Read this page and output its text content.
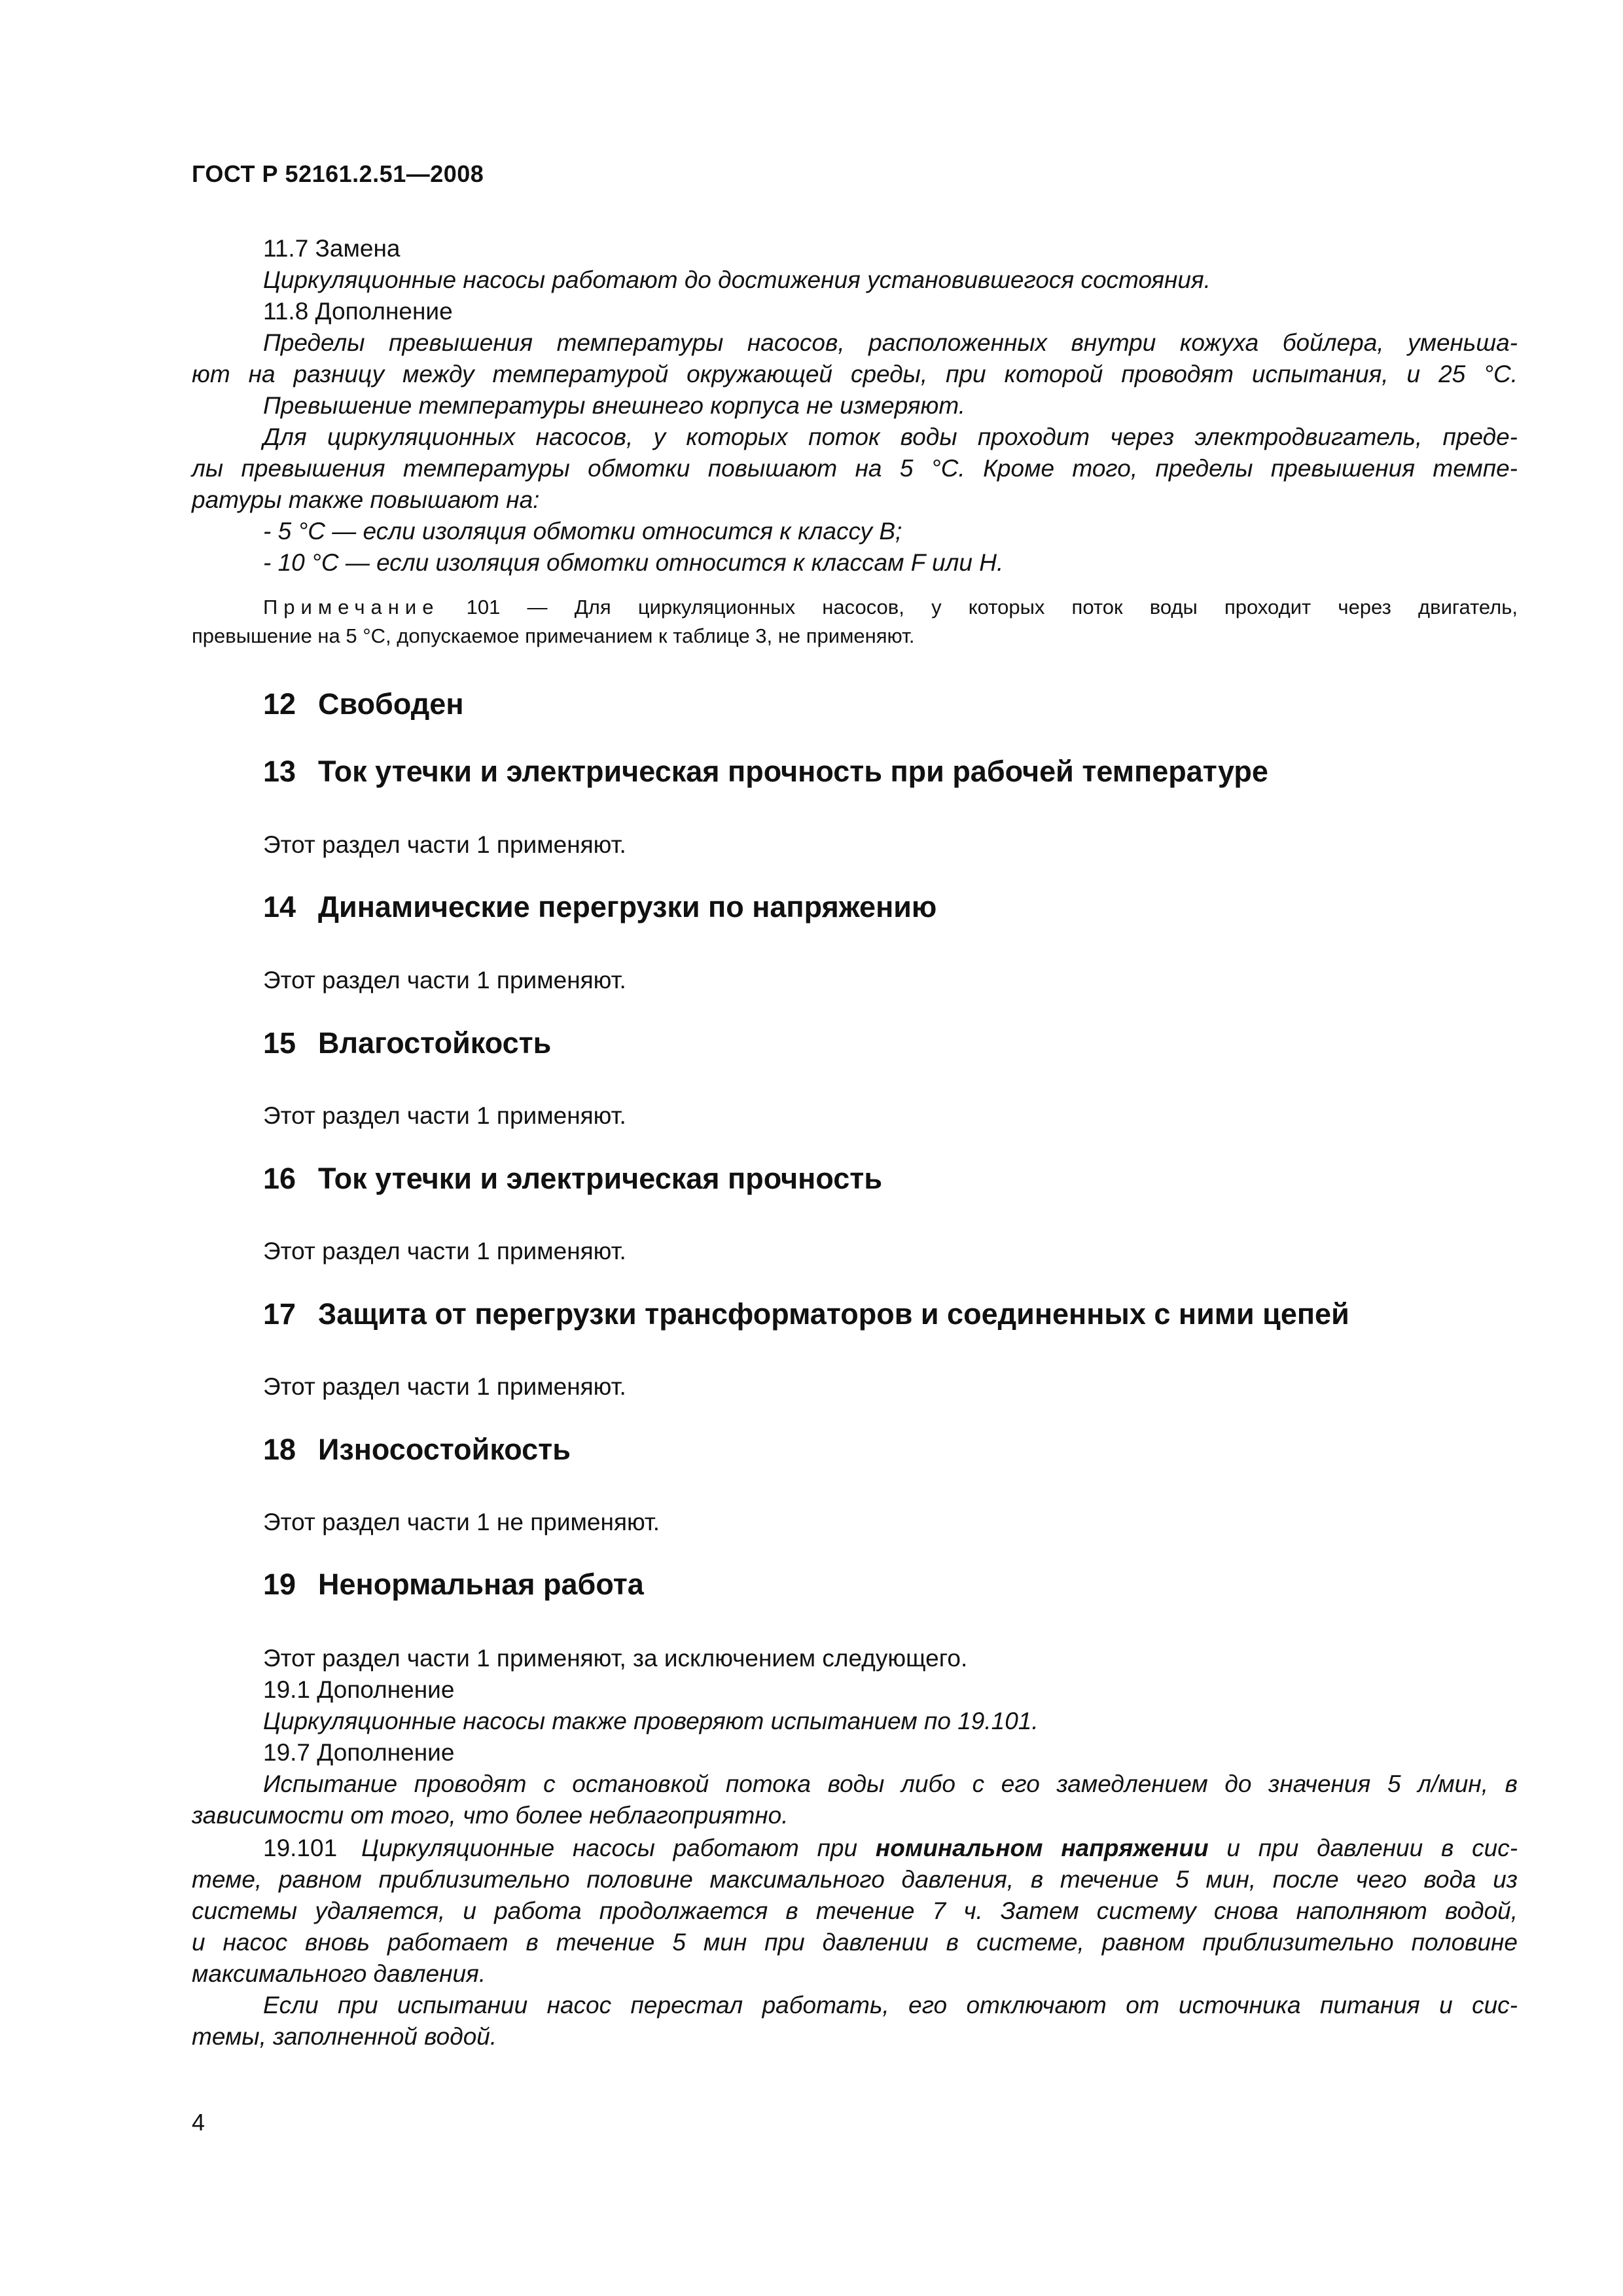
ГОСТ Р 52161.2.51—2008
11.7 Замена
Циркуляционные насосы работают до достижения установившегося состояния.
11.8 Дополнение
Пределы превышения температуры насосов, расположенных внутри кожуха бойлера, уменьша-
ют на разницу между температурой окружающей среды, при которой проводят испытания, и 25 °С.
Превышение температуры внешнего корпуса не измеряют.
Для циркуляционных насосов, у которых поток воды проходит через электродвигатель, преде-
лы превышения температуры обмотки повышают на 5 °С. Кроме того, пределы превышения темпе-
ратуры также повышают на:
- 5 °С — если изоляция обмотки относится к классу В;
- 10 °С — если изоляция обмотки относится к классам F или Н.
Примечание 101 — Для циркуляционных насосов, у которых поток воды проходит через двигатель,
превышение на 5 °С, допускаемое примечанием к таблице 3, не применяют.
12 Свободен
13 Ток утечки и электрическая прочность при рабочей температуре
Этот раздел части 1 применяют.
14 Динамические перегрузки по напряжению
Этот раздел части 1 применяют.
15 Влагостойкость
Этот раздел части 1 применяют.
16 Ток утечки и электрическая прочность
Этот раздел части 1 применяют.
17 Защита от перегрузки трансформаторов и соединенных с ними цепей
Этот раздел части 1 применяют.
18 Износостойкость
Этот раздел части 1 не применяют.
19 Ненормальная работа
Этот раздел части 1 применяют, за исключением следующего.
19.1 Дополнение
Циркуляционные насосы также проверяют испытанием по 19.101.
19.7 Дополнение
Испытание проводят с остановкой потока воды либо с его замедлением до значения 5 л/мин, в
зависимости от того, что более неблагоприятно.
19.101  Циркуляционные насосы работают при номинальном напряжении и при давлении в сис-
теме, равном приблизительно половине максимального давления, в течение 5 мин, после чего вода из
системы удаляется, и работа продолжается в течение 7 ч. Затем систему снова наполняют водой,
и насос вновь работает в течение 5 мин при давлении в системе, равном приблизительно половине
максимального давления.
Если при испытании насос перестал работать, его отключают от источника питания и сис-
темы, заполненной водой.
4
